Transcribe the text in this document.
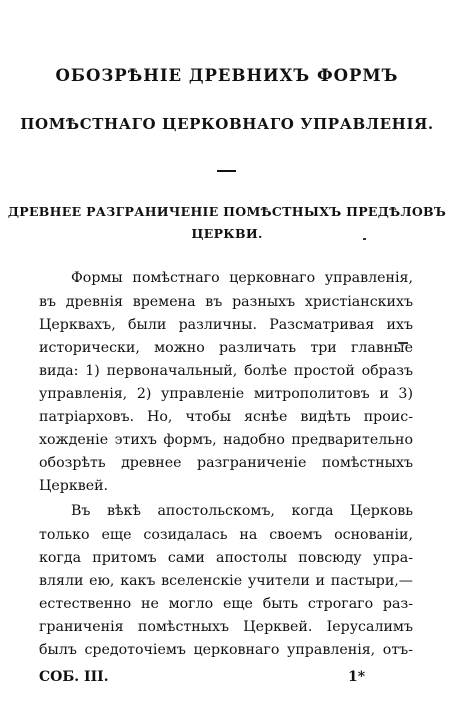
ОБОЗРѢНІЕ ДРЕВНИХЪ ФОРМЪ
ПОМѢСТНАГО ЦЕРКОВНАГО УПРАВЛЕНІЯ.
ДРЕВНЕЕ РАЗГРАНИЧЕНІЕ ПОМѢСТНЫХЪ ПРЕДѢЛОВЪ
ЦЕРКВИ.
Формы помѣстнаго церковнаго управленія,
въ древнія времена въ разныхъ христіанскихъ
Церквахъ, были различны. Разсматривая ихъ
исторически, можно различать три главные
вида: 1) первоначальный, болѣе простой образъ
управленія, 2) управленіе митрополитовъ и 3)
патріарховъ. Но, чтобы яснѣе видѣть проис-
хожденіе этихъ формъ, надобно предварительно
обозрѣть древнее разграниченіе помѣстныхъ
Церквей.
Въ вѣкѣ апостольскомъ, когда Церковь
только еще созидалась на своемъ основаніи,
когда притомъ сами апостолы повсюду упра-
вляли ею, какъ вселенскіе учители и пастыри,—
естественно не могло еще быть строгаго раз-
граниченія помѣстныхъ Церквей. Іерусалимъ
былъ средоточіемъ церковнаго управленія, отъ-
СОБ. III.	1*
